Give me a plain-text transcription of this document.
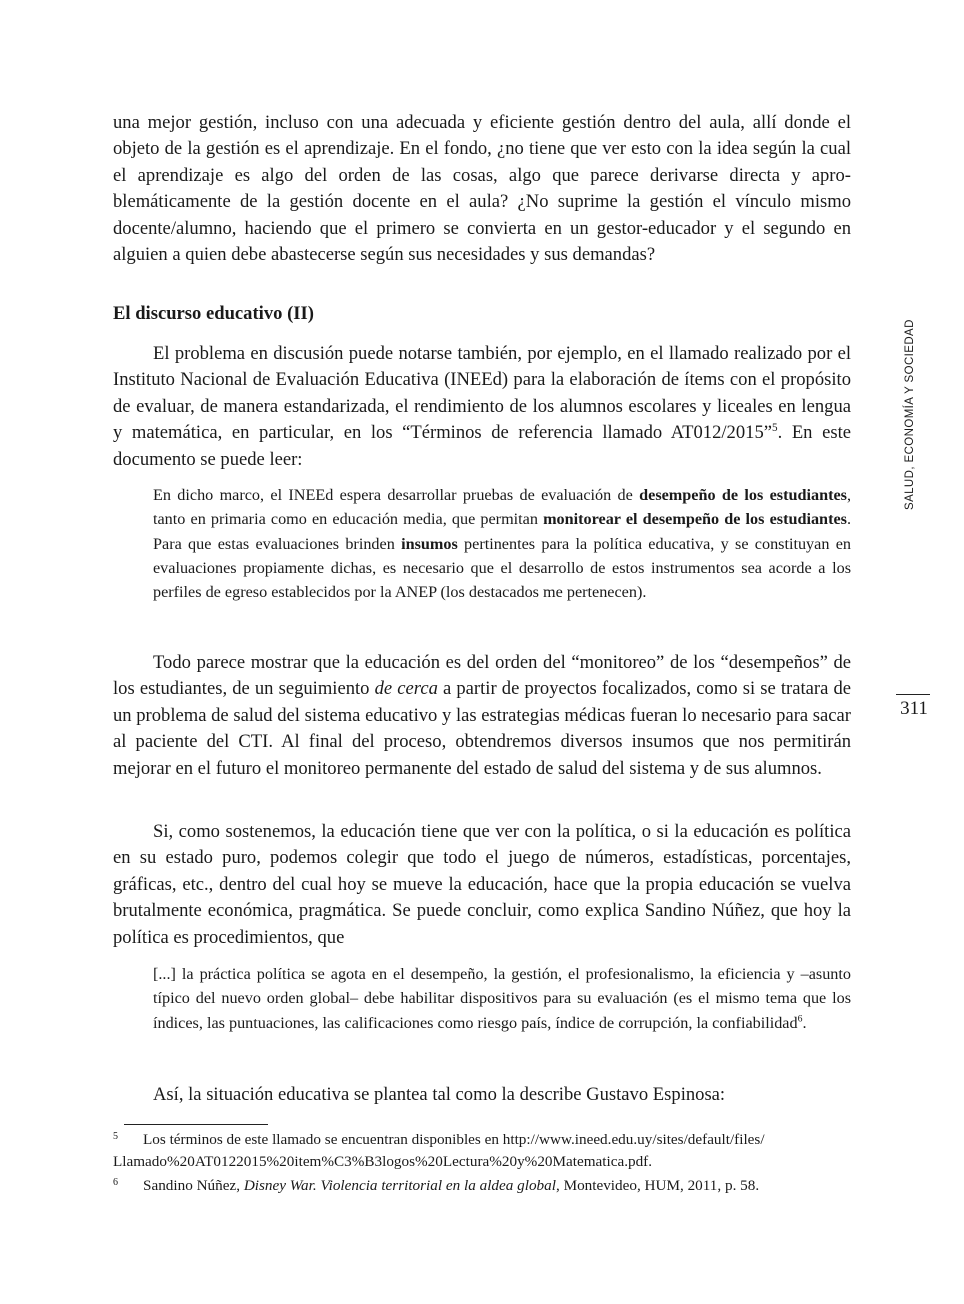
una mejor gestión, incluso con una adecuada y eficiente gestión dentro del aula, allí donde el objeto de la gestión es el aprendizaje. En el fondo, ¿no tiene que ver esto con la idea según la cual el aprendizaje es algo del orden de las cosas, algo que parece derivarse directa y aproblemáticamente de la gestión docente en el aula? ¿No suprime la gestión el vínculo mismo docente/alumno, haciendo que el primero se convierta en un gestor-educador y el segundo en alguien a quien debe abastecerse según sus necesidades y sus demandas?

El discurso educativo (II)

El problema en discusión puede notarse también, por ejemplo, en el llamado realizado por el Instituto Nacional de Evaluación Educativa (INEEd) para la elaboración de ítems con el propósito de evaluar, de manera estandarizada, el rendimiento de los alumnos escolares y liceales en lengua y matemática, en particular, en los “Términos de referencia llamado AT012/2015”$^5$. En este documento se puede leer:

En dicho marco, el INEEd espera desarrollar pruebas de evaluación de desempeño de los estudiantes, tanto en primaria como en educación media, que permitan monitorear el desempeño de los estudiantes. Para que estas evaluaciones brinden insumos pertinentes para la política educativa, y se constituyan en evaluaciones propiamente dichas, es necesario que el desarrollo de estos instrumentos sea acorde a los perfiles de egreso establecidos por la ANEP (los destacados me pertenecen).

Todo parece mostrar que la educación es del orden del “monitoreo” de los “desempeños” de los estudiantes, de un seguimiento de cerca a partir de proyectos focalizados, como si se tratara de un problema de salud del sistema educativo y las estrategias médicas fueran lo necesario para sacar al paciente del CTI. Al final del proceso, obtendremos diversos insumos que nos permitirán mejorar en el futuro el monitoreo permanente del estado de salud del sistema y de sus alumnos.

Si, como sostenemos, la educación tiene que ver con la política, o si la educación es política en su estado puro, podemos colegir que todo el juego de números, estadísticas, porcentajes, gráficas, etc., dentro del cual hoy se mueve la educación, hace que la propia educación se vuelva brutalmente económica, pragmática. Se puede concluir, como explica Sandino Núñez, que hoy la política es procedimientos, que

[...] la práctica política se agota en el desempeño, la gestión, el profesionalismo, la eficiencia y –asunto típico del nuevo orden global– debe habilitar dispositivos para su evaluación (es el mismo tema que los índices, las puntuaciones, las calificaciones como riesgo país, índice de corrupción, la confiabilidad$^6$.

Así, la situación educativa se plantea tal como la describe Gustavo Espinosa:

5 Los términos de este llamado se encuentran disponibles en http://www.ineed.edu.uy/sites/default/files/
Llamado%20AT0122015%20item%C3%B3logos%20Lectura%20y%20Matematica.pdf.

6 Sandino Núñez, Disney War. Violencia territorial en la aldea global, Montevideo, HUM, 2011, p. 58.

SALUD, ECONOMÍA Y SOCIEDAD
311
